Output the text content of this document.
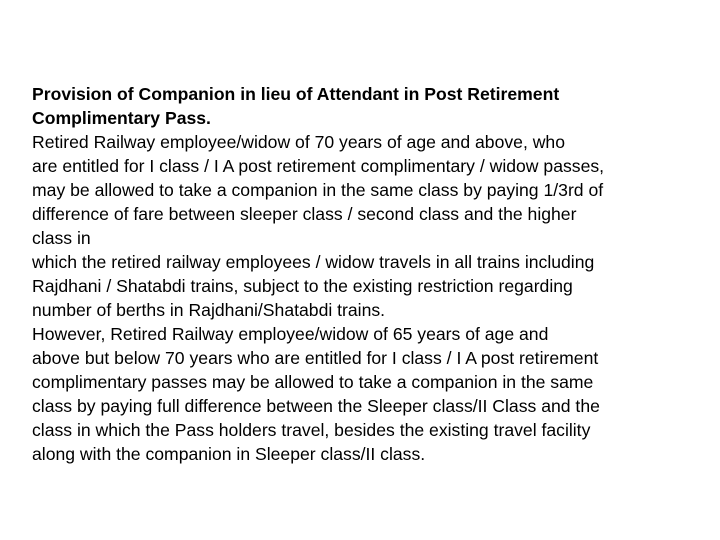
Provision of Companion in lieu of Attendant in Post Retirement
Complimentary Pass.
Retired Railway employee/widow of 70 years of age and above, who
are entitled for I class / I A post retirement complimentary / widow passes,
may be allowed to take a companion in the same class by paying 1/3rd of
difference of fare between sleeper class / second class and the higher
class in
which the retired railway employees / widow travels in all trains including
Rajdhani / Shatabdi trains, subject to the existing restriction regarding
number of berths in Rajdhani/Shatabdi trains.
However, Retired Railway employee/widow of 65 years of age and
above but below 70 years who are entitled for I class / I A post retirement
complimentary passes may be allowed to take a companion in the same
class by paying full difference between the Sleeper class/II Class and the
class in which the Pass holders travel, besides the existing travel facility
along with the companion in Sleeper class/II class.
